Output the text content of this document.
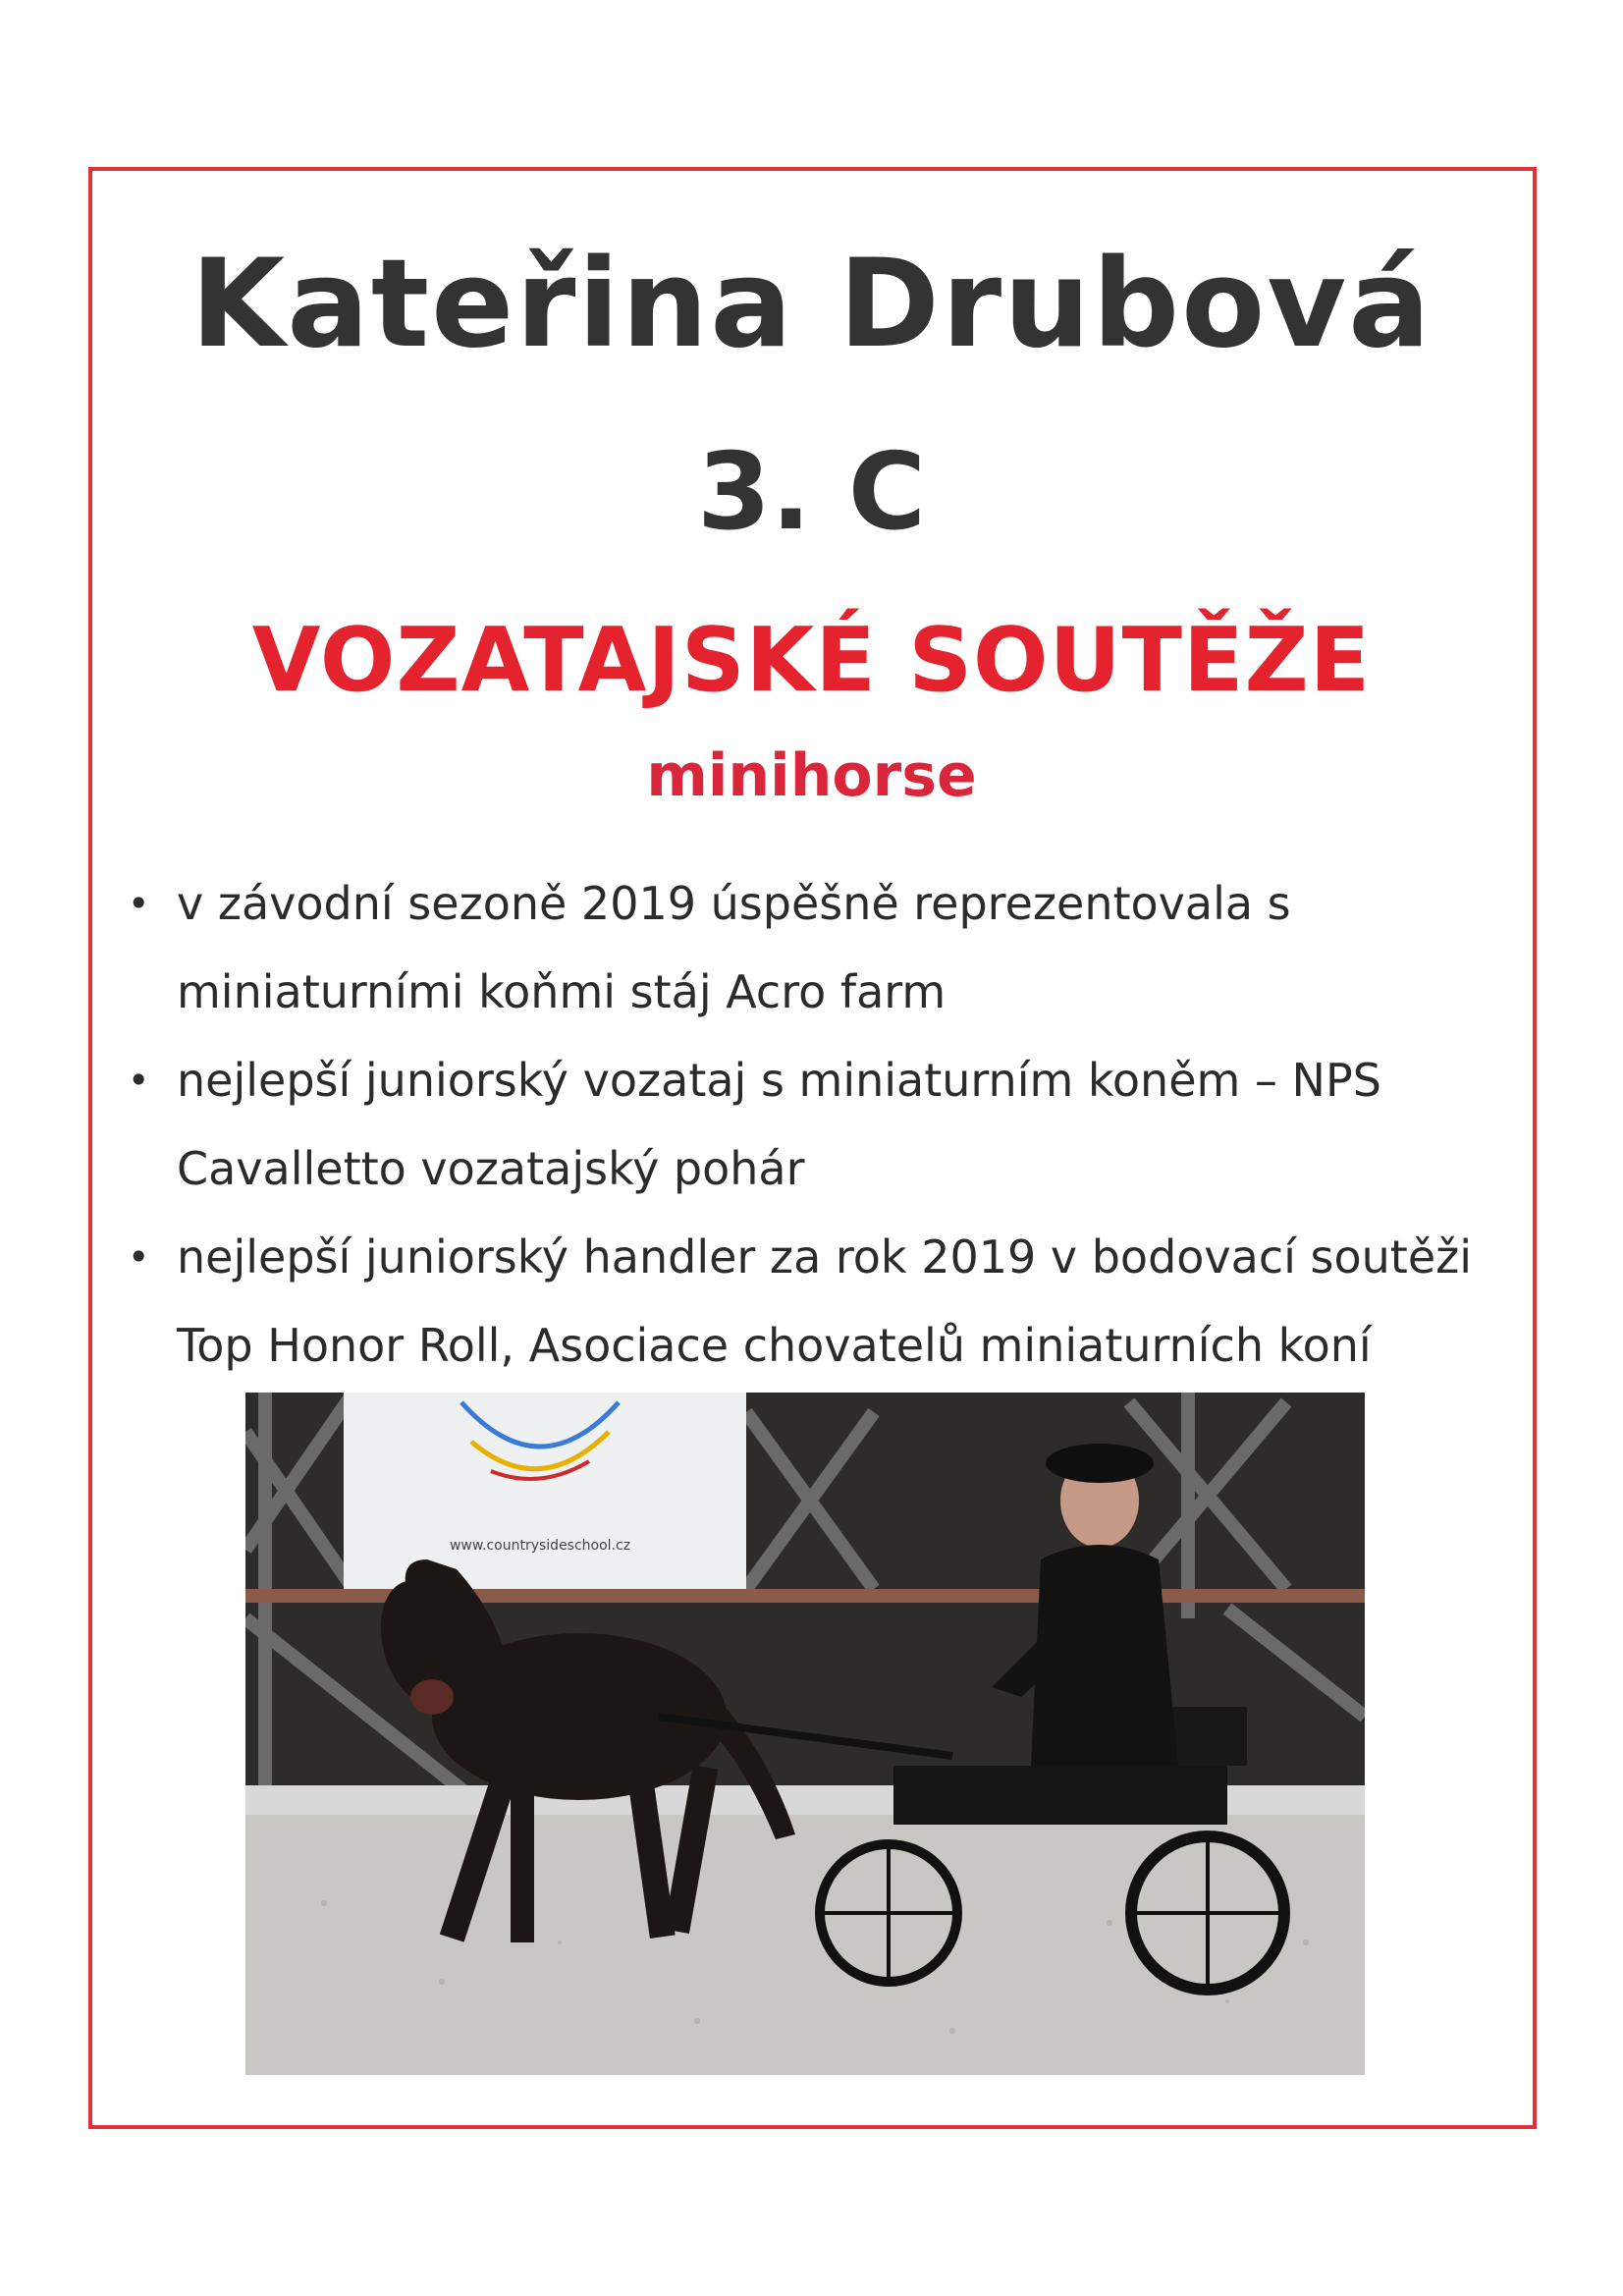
Kateřina Drubová
3. C
VOZATAJSKÉ SOUTĚŽE
minihorse
• v závodní sezoně 2019 úspěšně reprezentovala s
miniaturními koňmi stáj Acro farm
• nejlepší juniorský vozataj s miniaturním koněm – NPS
Cavalletto vozatajský pohár
• nejlepší juniorský handler za rok 2019 v bodovací soutěži
Top Honor Roll, Asociace chovatelů miniaturních koní
www.countrysideschool.cz
